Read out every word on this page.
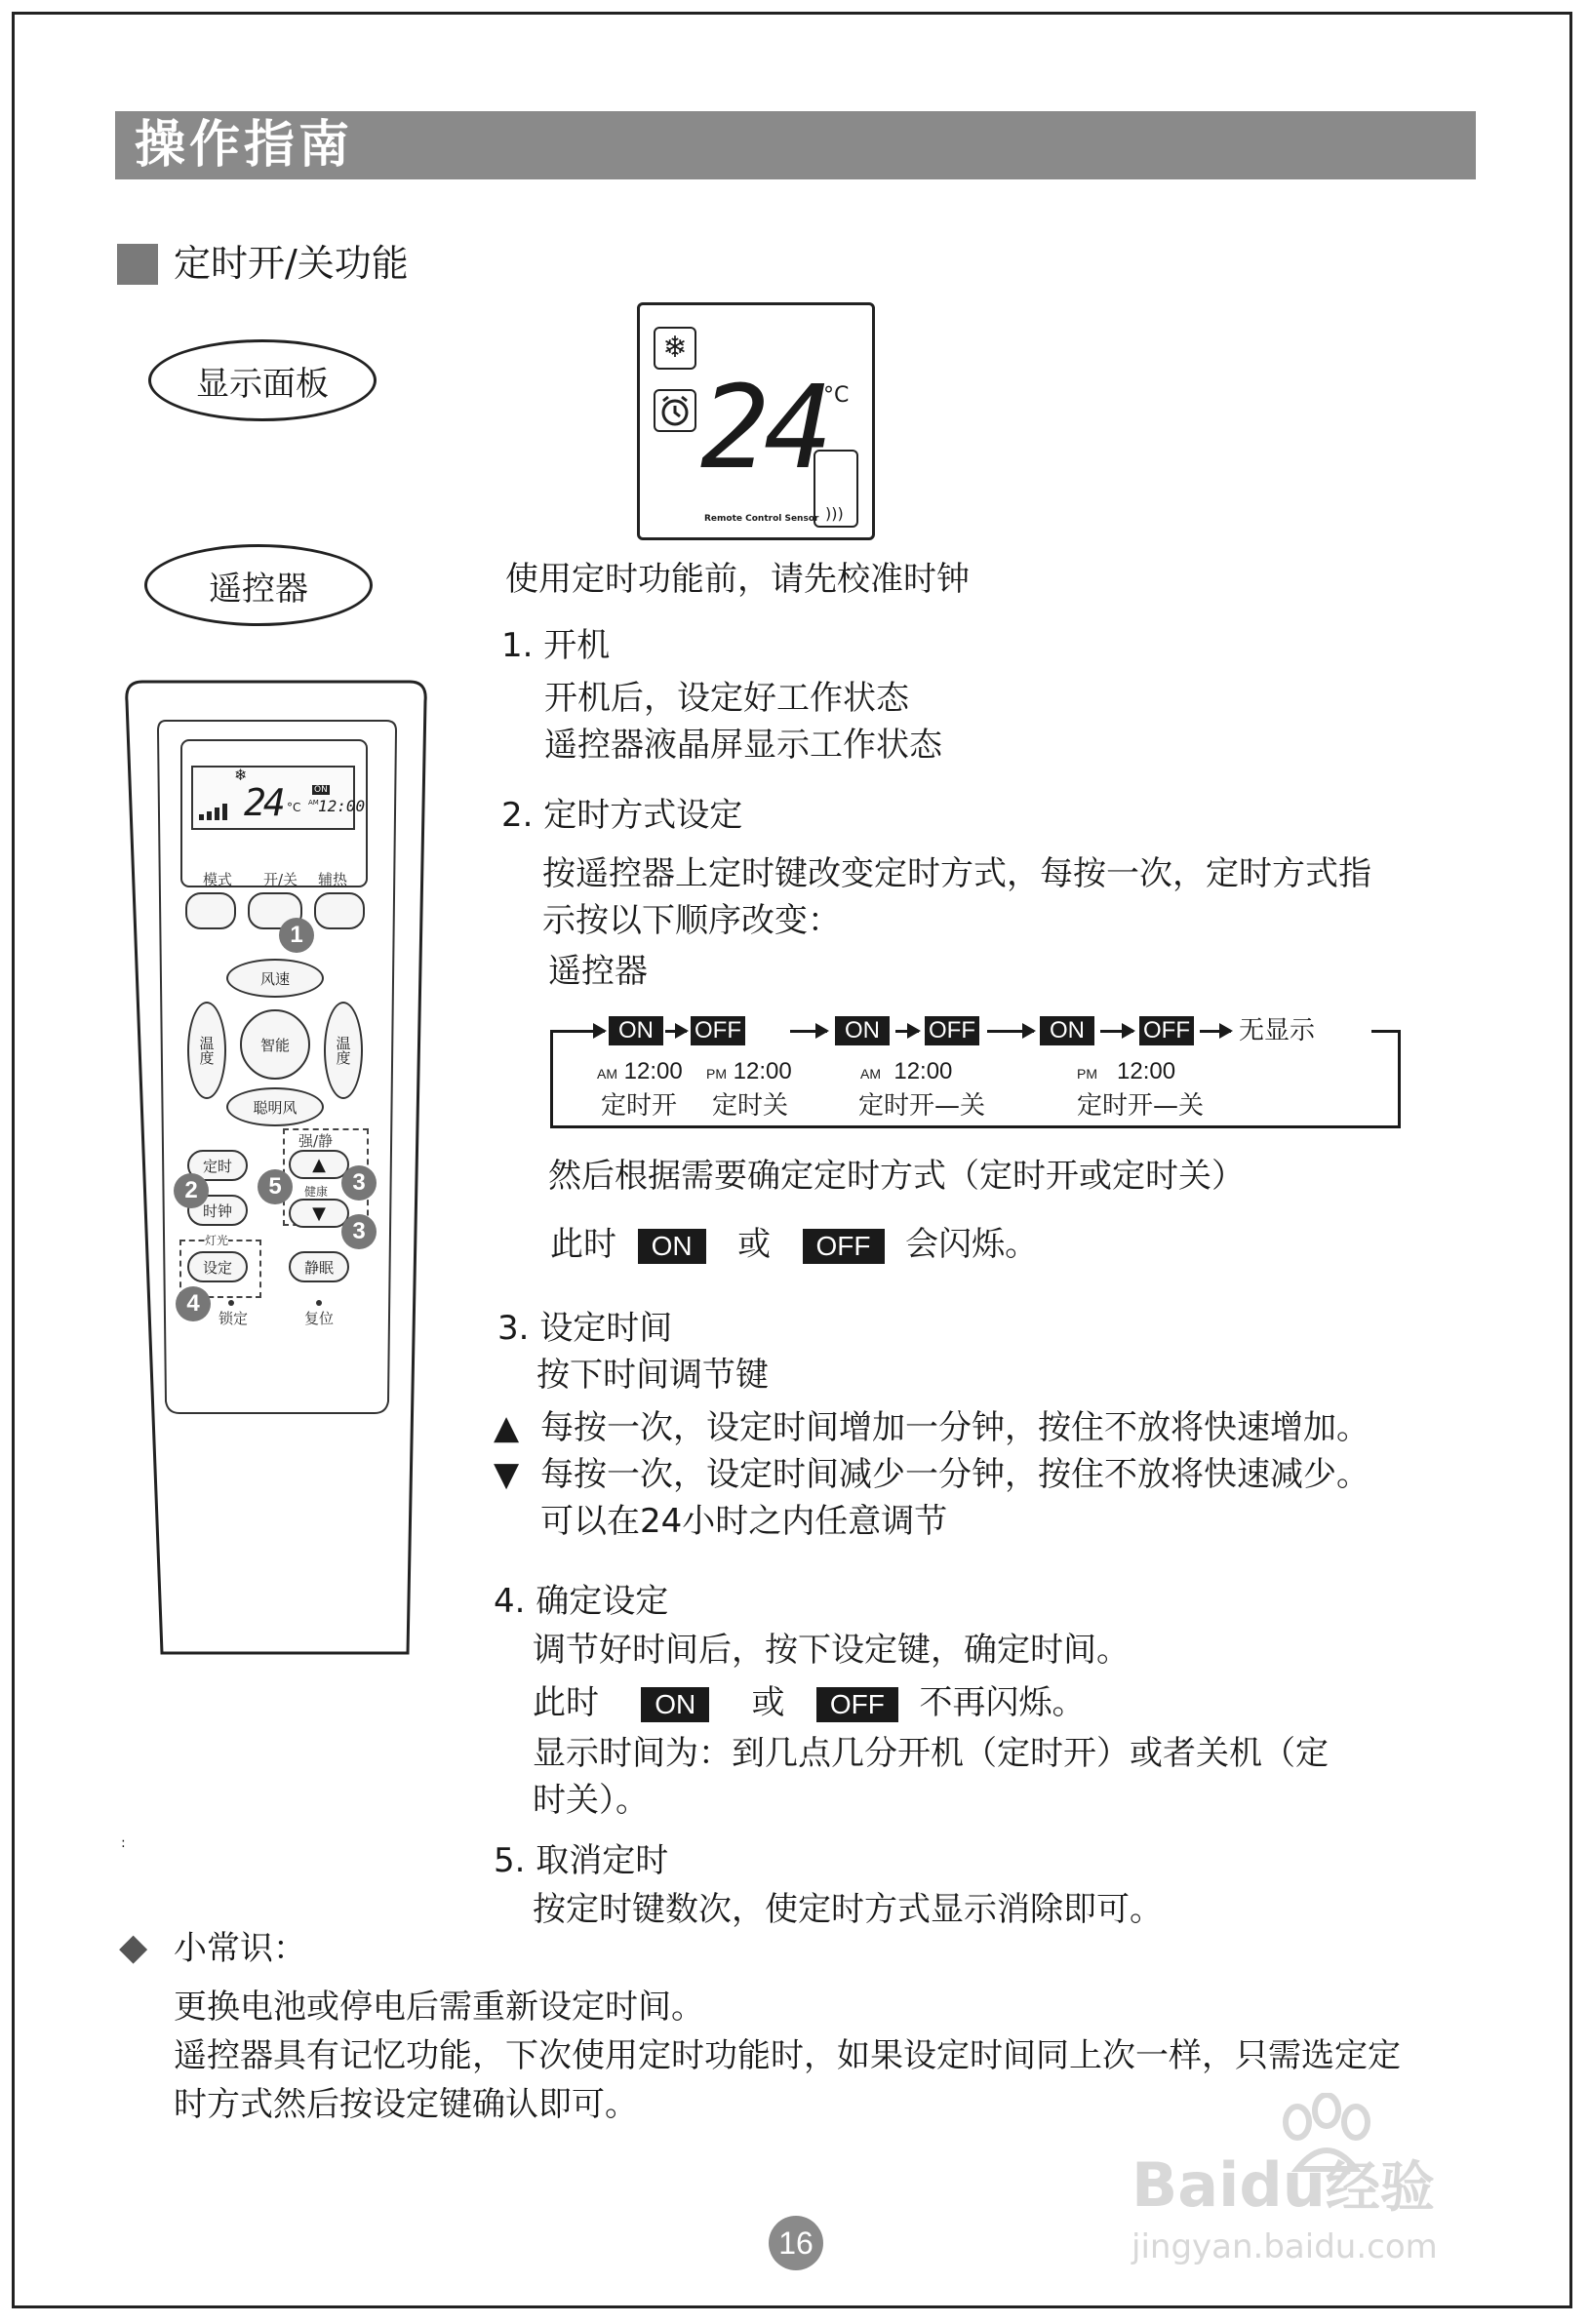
操作指南
定时开/关功能
显示面板
遥控器
❄
24
°C
)))
Remote Control Sensor
❄
24 °C
ON
AM 12:00
模式 开/关 辅热
风速
温度	智能	温度
聪明风
强/静
定时	▲
健康
时钟	▼
灯光
设定	静眠
锁定	复位
1
2	5	3
3
4
使用定时功能前，请先校准时钟
1. 开机
开机后，设定好工作状态
遥控器液晶屏显示工作状态
2. 定时方式设定
按遥控器上定时键改变定时方式，每按一次，定时方式指
示按以下顺序改变：
遥控器
ON	OFF	ON	OFF	ON	OFF 无显示
AM 12:00 PM 12:00	AM 12:00	PM 12:00
定时开 定时关	定时开—关	定时开—关
然后根据需要确定定时方式（定时开或定时关）
此时 ON 或 OFF 会闪烁。
3. 设定时间
按下时间调节键
▲ 每按一次，设定时间增加一分钟，按住不放将快速增加。
▼ 每按一次，设定时间减少一分钟，按住不放将快速减少。
可以在24小时之内任意调节
4. 确定设定
调节好时间后，按下设定键，确定时间。
此时 ON 或 OFF 不再闪烁。
显示时间为：到几点几分开机（定时开）或者关机（定
时关）。
5. 取消定时
按定时键数次，使定时方式显示消除即可。
:
◆ 小常识：
更换电池或停电后需重新设定时间。
遥控器具有记忆功能，下次使用定时功能时，如果设定时间同上次一样，只需选定定
时方式然后按设定键确认即可。
Baidu经验
jingyan.baidu.com
16
